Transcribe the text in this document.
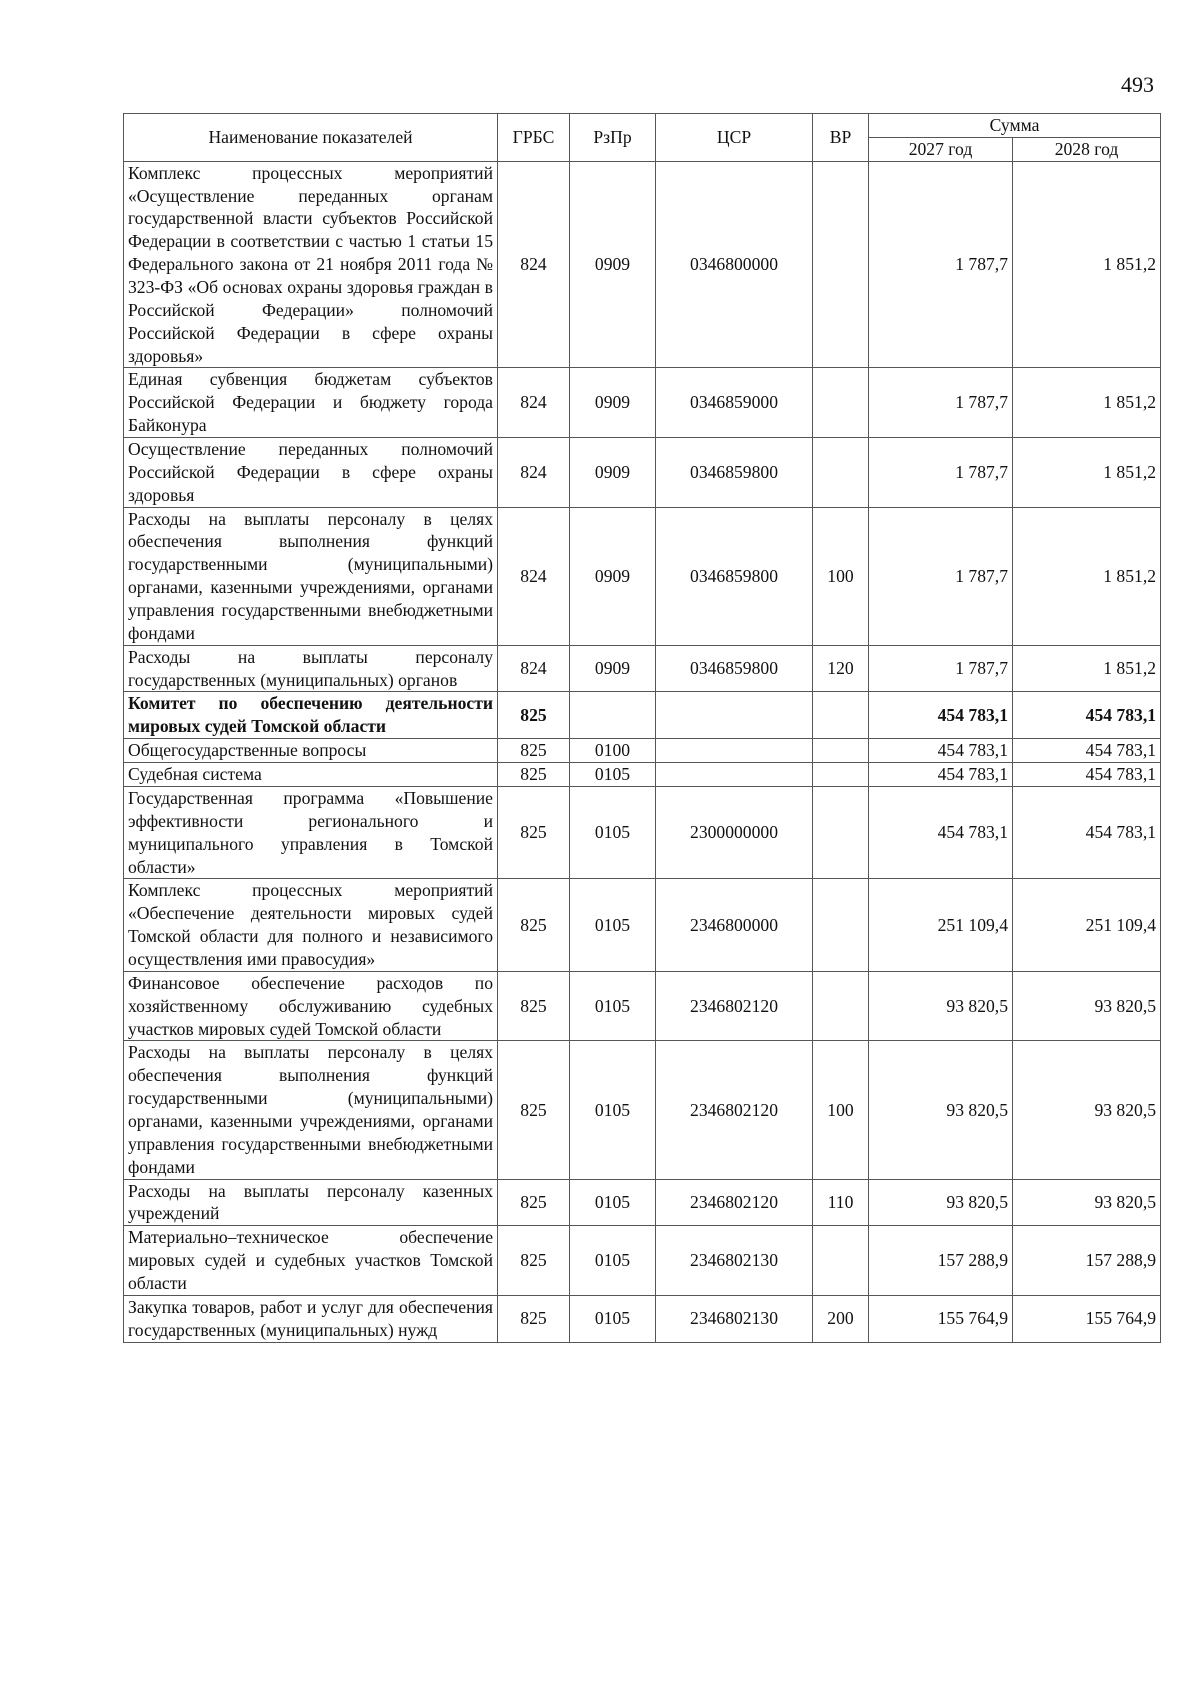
493
Наименование показателей	ГРБС	РзПр	ЦСР	ВР	Сумма	
					2027 год	2028 год
Комплекс процессных мероприятий «Осуществление переданных органам государственной власти субъектов Российской Федерации в соответствии с частью 1 статьи 15 Федерального закона от 21 ноября 2011 года № 323-ФЗ «Об основах охраны здоровья граждан в Российской Федерации» полномочий Российской Федерации в сфере охраны здоровья»	824	0909	0346800000		1 787,7	1 851,2
Единая субвенция бюджетам субъектов Российской Федерации и бюджету города Байконура	824	0909	0346859000		1 787,7	1 851,2
Осуществление переданных полномочий Российской Федерации в сфере охраны здоровья	824	0909	0346859800		1 787,7	1 851,2
Расходы на выплаты персоналу в целях обеспечения выполнения функций государственными (муниципальными) органами, казенными учреждениями, органами управления государственными внебюджетными фондами	824	0909	0346859800	100	1 787,7	1 851,2
Расходы на выплаты персоналу государственных (муниципальных) органов	824	0909	0346859800	120	1 787,7	1 851,2
Комитет по обеспечению деятельности мировых судей Томской области	825				454 783,1	454 783,1
Общегосударственные вопросы	825	0100			454 783,1	454 783,1
Судебная система	825	0105			454 783,1	454 783,1
Государственная программа «Повышение эффективности регионального и муниципального управления в Томской области»	825	0105	2300000000		454 783,1	454 783,1
Комплекс процессных мероприятий «Обеспечение деятельности мировых судей Томской области для полного и независимого осуществления ими правосудия»	825	0105	2346800000		251 109,4	251 109,4
Финансовое обеспечение расходов по хозяйственному обслуживанию судебных участков мировых судей Томской области	825	0105	2346802120		93 820,5	93 820,5
Расходы на выплаты персоналу в целях обеспечения выполнения функций государственными (муниципальными) органами, казенными учреждениями, органами управления государственными внебюджетными фондами	825	0105	2346802120	100	93 820,5	93 820,5
Расходы на выплаты персоналу казенных учреждений	825	0105	2346802120	110	93 820,5	93 820,5
Материально–техническое обеспечение мировых судей и судебных участков Томской области	825	0105	2346802130		157 288,9	157 288,9
Закупка товаров, работ и услуг для обеспечения государственных (муниципальных) нужд	825	0105	2346802130	200	155 764,9	155 764,9
